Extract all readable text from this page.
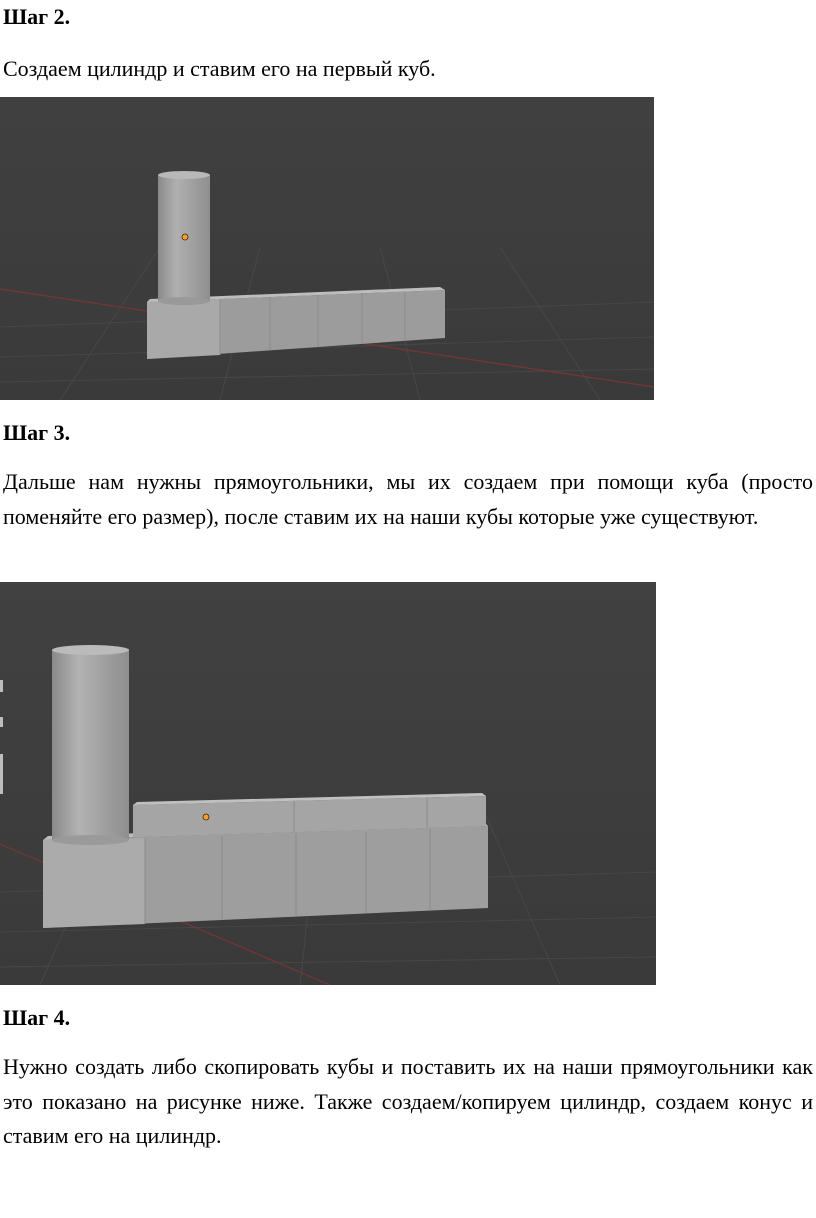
Шаг 2.

Создаем цилиндр и ставим его на первый куб.

Шаг 3.

Дальше нам нужны прямоугольники, мы их создаем при помощи куба (просто поменяйте его размер), после ставим их на наши кубы которые уже существуют.

Шаг 4.

Нужно создать либо скопировать кубы и поставить их на наши прямоугольники как это показано на рисунке ниже. Также создаем/копируем цилиндр, создаем конус и ставим его на цилиндр.
